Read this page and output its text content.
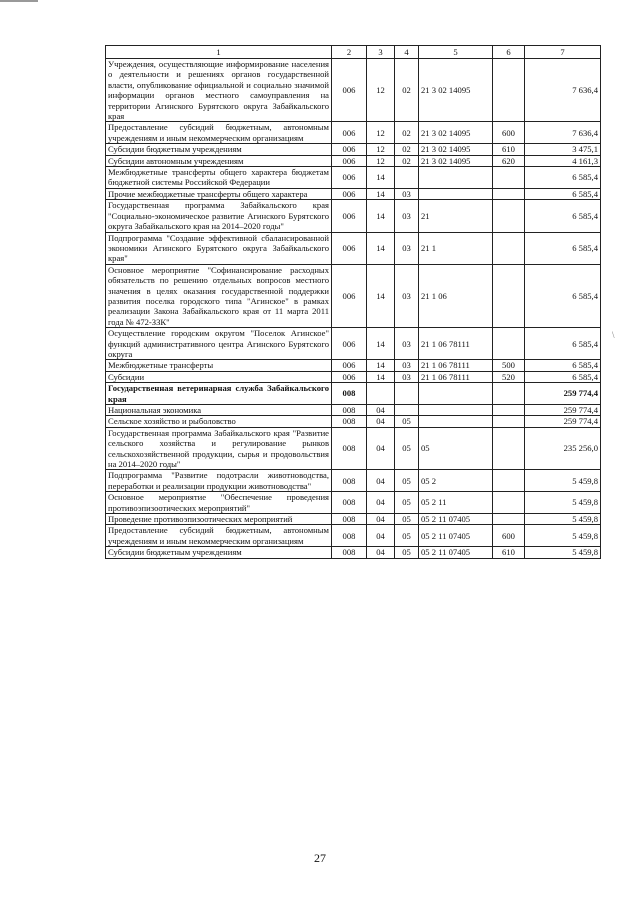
\
1	2	3	4	5	6	7
Учреждения, осуществляющие информирование населения о деятельности и решениях органов государственной власти, опубликование официальной и социально значимой информации органов местного самоуправления на территории Агинского Бурятского округа Забайкальского края	006	12	02	21 3 02 14095		7 636,4
Предоставление субсидий бюджетным, автономным учреждениям и иным некоммерческим организациям	006	12	02	21 3 02 14095	600	7 636,4
Субсидии бюджетным учреждениям	006	12	02	21 3 02 14095	610	3 475,1
Субсидии автономным учреждениям	006	12	02	21 3 02 14095	620	4 161,3
Межбюджетные трансферты общего характера бюджетам бюджетной системы Российской Федерации	006	14				6 585,4
Прочие межбюджетные трансферты общего характера	006	14	03			6 585,4
Государственная программа Забайкальского края "Социально-экономическое развитие Агинского Бурятского округа Забайкальского края на 2014–2020 годы"	006	14	03	21		6 585,4
Подпрограмма "Создание эффективной сбалансированной экономики Агинского Бурятского округа Забайкальского края"	006	14	03	21 1		6 585,4
Основное мероприятие "Софинансирование расходных обязательств по решению отдельных вопросов местного значения в целях оказания государственной поддержки развития поселка городского типа "Агинское" в рамках реализации Закона Забайкальского края от 11 марта 2011 года № 472-ЗЗК"	006	14	03	21 1 06		6 585,4
Осуществление городским округом "Поселок Агинское" функций административного центра Агинского Бурятского округа	006	14	03	21 1 06 78111		6 585,4
Межбюджетные трансферты	006	14	03	21 1 06 78111	500	6 585,4
Субсидии	006	14	03	21 1 06 78111	520	6 585,4
Государственная ветеринарная служба Забайкальского края	008					259 774,4
Национальная экономика	008	04				259 774,4
Сельское хозяйство и рыболовство	008	04	05			259 774,4
Государственная программа Забайкальского края "Развитие сельского хозяйства и регулирование рынков сельскохозяйственной продукции, сырья и продовольствия на 2014–2020 годы"	008	04	05	05		235 256,0
Подпрограмма "Развитие подотрасли животноводства, переработки и реализации продукции животноводства"	008	04	05	05 2		5 459,8
Основное мероприятие "Обеспечение проведения противоэпизоотических мероприятий"	008	04	05	05 2 11		5 459,8
Проведение противоэпизоотических мероприятий	008	04	05	05 2 11 07405		5 459,8
Предоставление субсидий бюджетным, автономным учреждениям и иным некоммерческим организациям	008	04	05	05 2 11 07405	600	5 459,8
Субсидии бюджетным учреждениям	008	04	05	05 2 11 07405	610	5 459,8
27
